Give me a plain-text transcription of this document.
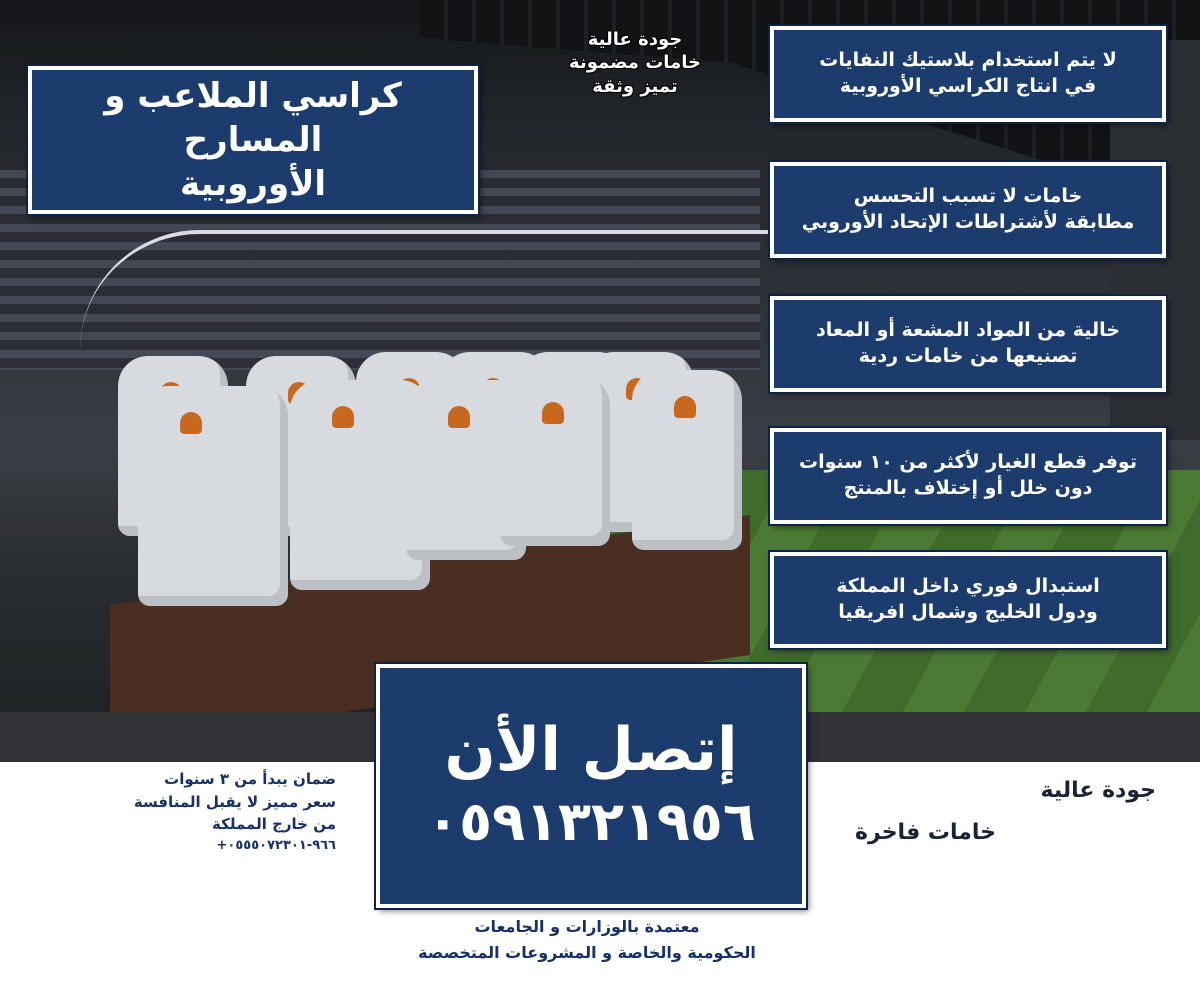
كراسي الملاعب و المسارح
الأوروبية
جودة عالية
خامات مضمونة
تميز وثقة
لا يتم استخدام بلاستيك النفايات
في انتاج الكراسي الأوروبية
خامات لا تسبب التحسس
مطابقة لأشتراطات الإتحاد الأوروبي
خالية من المواد المشعة أو المعاد
تصنيعها من خامات ردية
توفر قطع الغيار لأكثر من ١٠ سنوات
دون خلل أو إختلاف بالمنتج
استبدال فوري داخل المملكة
ودول الخليج وشمال افريقيا
إتصل الأن
٠٥٩١٣٢١٩٥٦
ضمان يبدأ من ٣ سنوات
سعر مميز لا يقبل المنافسة
من خارج المملكة
+٩٦٦-٠٥٥٥٠٧٢٣٠١
جودة عالية
خامات فاخرة
معتمدة بالوزارات و الجامعات
الحكومية والخاصة و المشروعات المتخصصة
